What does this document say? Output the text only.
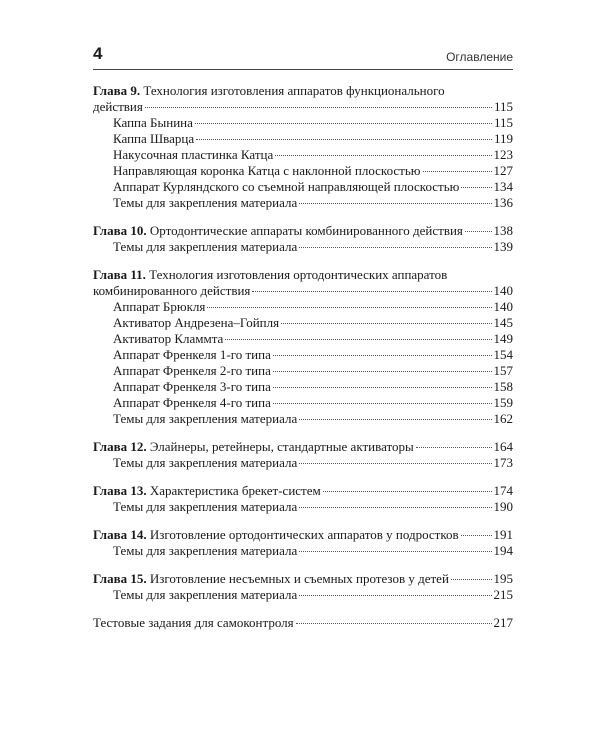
4	Оглавление
Глава 9. Технология изготовления аппаратов функционального
действия	115
Каппа Бынина	115
Каппа Шварца	119
Накусочная пластинка Катца	123
Направляющая коронка Катца с наклонной плоскостью	127
Аппарат Курляндского со съемной направляющей плоскостью	134
Темы для закрепления материала	136
Глава 10. Ортодонтические аппараты комбинированного действия 138
Темы для закрепления материала	139
Глава 11. Технология изготовления ортодонтических аппаратов
комбинированного действия	140
Аппарат Брюкля	140
Активатор Андрезена–Гойпля	145
Активатор Кламмта	149
Аппарат Френкеля 1-го типа	154
Аппарат Френкеля 2-го типа	157
Аппарат Френкеля 3-го типа	158
Аппарат Френкеля 4-го типа	159
Темы для закрепления материала	162
Глава 12. Элайнеры, ретейнеры, стандартные активаторы	164
Темы для закрепления материала	173
Глава 13. Характеристика брекет-систем	174
Темы для закрепления материала	190
Глава 14. Изготовление ортодонтических аппаратов у подростков	191
Темы для закрепления материала	194
Глава 15. Изготовление несъемных и съемных протезов у детей	195
Темы для закрепления материала	215
Тестовые задания для самоконтроля	217
